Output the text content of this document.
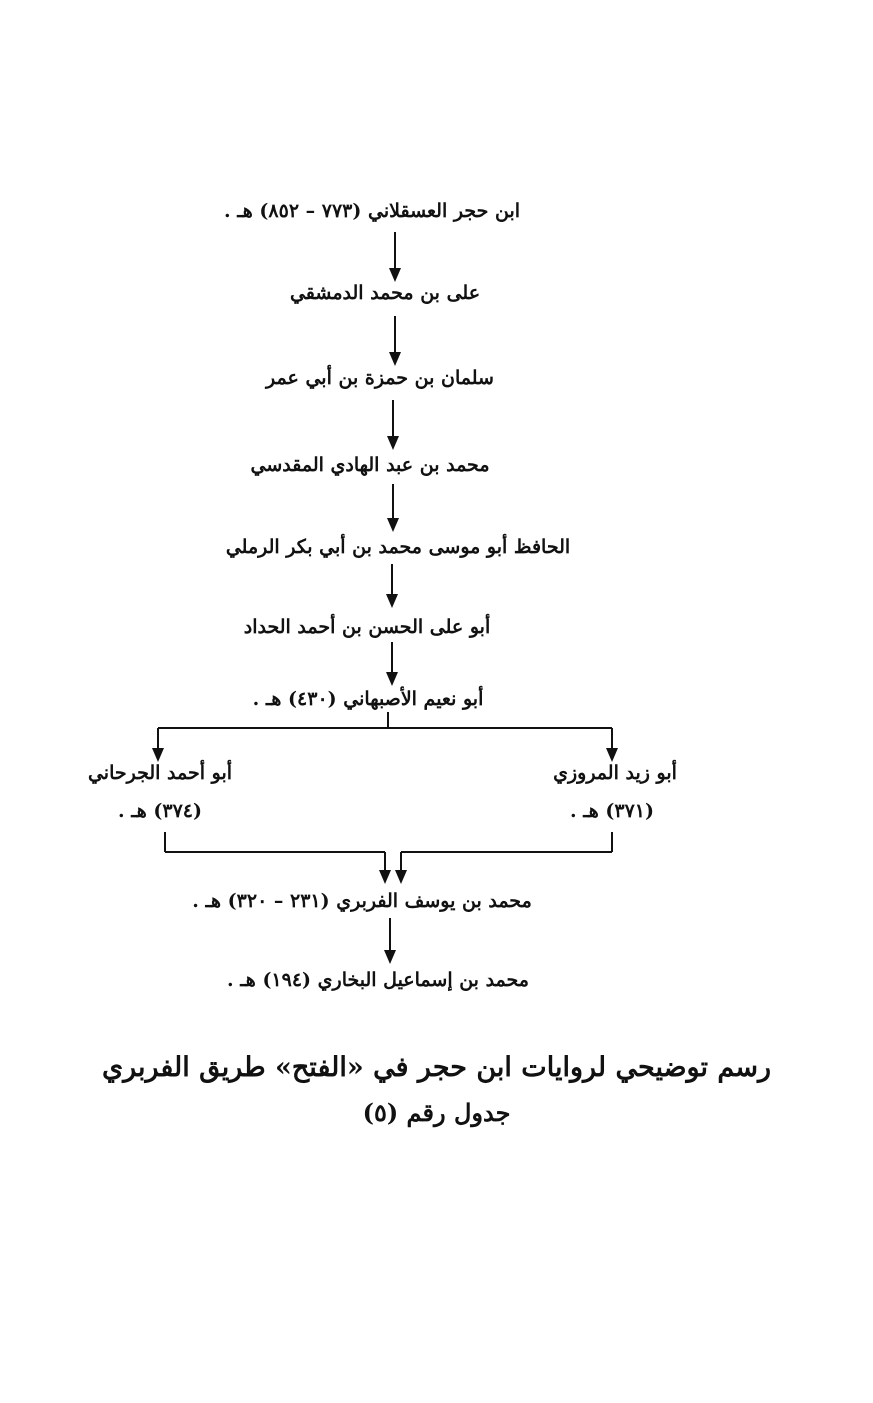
ابن حجر العسقلاني (٧٧٣ – ٨٥٢) هـ .
على بن محمد الدمشقي
سلمان بن حمزة بن أبي عمر
محمد بن عبد الهادي المقدسي
الحافظ أبو موسى محمد بن أبي بكر الرملي
أبو على الحسن بن أحمد الحداد
أبو نعيم الأصبهاني (٤٣٠) هـ .
أبو زيد المروزي
(٣٧١) هـ .
أبو أحمد الجرحاني
(٣٧٤) هـ .
محمد بن يوسف الفربري (٢٣١ – ٣٢٠) هـ .
محمد بن إسماعيل البخاري (١٩٤) هـ .
رسم توضيحي لروايات ابن حجر في «الفتح» طريق الفربري
جدول رقم (٥)
